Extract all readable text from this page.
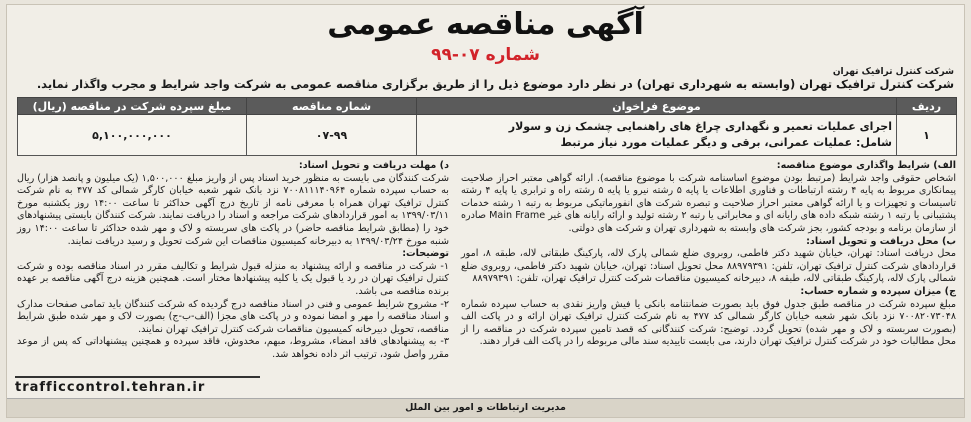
آگهی مناقصه عمومی
شماره ۰۷-۹۹
شرکت کنترل ترافیک تهران
شرکت کنترل ترافیک تهران (وابسته به شهرداری تهران) در نظر دارد موضوع ذیل را از طریق برگزاری مناقصه عمومی به شرکت واجد شرایط و مجرب واگذار نماید.
ردیف	موضوع فراخوان	شماره مناقصه	مبلغ سپرده شرکت در مناقصه (ریال)
۱	اجرای عملیات تعمیر و نگهداری چراغ های راهنمایی چشمک زن و سولار
شامل: عملیات عمرانی، برقی و دیگر عملیات مورد نیاز مرتبط	۰۷-۹۹	۵,۱۰۰,۰۰۰,۰۰۰

الف) شرایط واگذاری موضوع مناقصه:

اشخاص حقوقی واجد شرایط (مرتبط بودن موضوع اساسنامه شرکت با موضوع مناقصه). ارائه گواهی معتبر احراز صلاحیت پیمانکاری مربوط به پایه ۴ رشته ارتباطات و فناوری اطلاعات یا پایه ۵ رشته نیرو یا پایه ۵ رشته راه و ترابری یا پایه ۴ رشته تاسیسات و تجهیزات و یا ارائه گواهی معتبر احراز صلاحیت و تبصره شرکت های انفورماتیکی مربوط به رتبه ۱ رشته خدمات پشتیبانی یا رتبه ۱ رشته شبکه داده های رایانه ای و مخابراتی یا رتبه ۲ رشته تولید و ارائه رایانه های غیر Main Frame صادره از سازمان برنامه و بودجه کشور، بجز شرکت های وابسته به شهرداری تهران و شرکت های دولتی.

ب) محل دریافت و تحویل اسناد:

محل دریافت اسناد: تهران، خیابان شهید دکتر فاطمی، روبروی ضلع شمالی پارک لاله، پارکینگ طبقاتی لاله، طبقه ۸، امور قراردادهای شرکت کنترل ترافیک تهران، تلفن: ۸۸۹۷۹۳۹۱ محل تحویل اسناد: تهران، خیابان شهید دکتر فاطمی، روبروی ضلع شمالی پارک لاله، پارکینگ طبقاتی لاله، طبقه ۸، دبیرخانه کمیسیون مناقصات شرکت کنترل ترافیک تهران، تلفن: ۸۸۹۷۹۳۹۱

ج) میزان سپرده و شماره حساب:

مبلغ سپرده شرکت در مناقصه طبق جدول فوق باید بصورت ضمانتنامه بانکی یا فیش واریز نقدی به حساب سپرده شماره ۷۰۰۸۲۰۷۳۰۴۸ نزد بانک شهر شعبه خیابان کارگر شمالی کد ۴۷۷ به نام شرکت کنترل ترافیک تهران ارائه و در پاکت الف (بصورت سربسته و لاک و مهر شده) تحویل گردد. توضیح: شرکت کنندگانی که قصد تامین سپرده شرکت در مناقصه را از محل مطالبات خود در شرکت کنترل ترافیک تهران دارند، می بایست تاییدیه سند مالی مربوطه را در پاکت الف قرار دهند.

د) مهلت دریافت و تحویل اسناد:

شرکت کنندگان می بایست به منظور خرید اسناد پس از واریز مبلغ ۱,۵۰۰,۰۰۰ (یک میلیون و پانصد هزار) ریال به حساب سپرده شماره ۷۰۰۸۱۱۱۴۰۹۶۴ نزد بانک شهر شعبه خیابان کارگر شمالی کد ۴۷۷ به نام شرکت کنترل ترافیک تهران همراه با معرفی نامه از تاریخ درج آگهی حداکثر تا ساعت ۱۴:۰۰ روز یکشنبه مورخ ۱۳۹۹/۰۳/۱۱ به امور قراردادهای شرکت مراجعه و اسناد را دریافت نمایند. شرکت کنندگان بایستی پیشنهادهای خود را (مطابق شرایط مناقصه حاضر) در پاکت های سربسته و لاک و مهر شده حداکثر تا ساعت ۱۴:۰۰ روز شنبه مورخ ۱۳۹۹/۰۳/۲۴ به دبیرخانه کمیسیون مناقصات این شرکت تحویل و رسید دریافت نمایند.

توضیحات:

۱- شرکت در مناقصه و ارائه پیشنهاد به منزله قبول شرایط و تکالیف مقرر در اسناد مناقصه بوده و شرکت کنترل ترافیک تهران در رد یا قبول یک یا کلیه پیشنهادها مختار است. همچنین هزینه درج آگهی مناقصه بر عهده برنده مناقصه می باشد.

۲- مشروح شرایط عمومی و فنی در اسناد مناقصه درج گردیده که شرکت کنندگان باید تمامی صفحات مدارک و اسناد مناقصه را مهر و امضا نموده و در پاکت های مجزا (الف-ب-ج) بصورت لاک و مهر شده طبق شرایط مناقصه، تحویل دبیرخانه کمیسیون مناقصات شرکت کنترل ترافیک تهران نمایند.

۳- به پیشنهادهای فاقد امضاء، مشروط، مبهم، مخدوش، فاقد سپرده و همچنین پیشنهاداتی که پس از موعد مقرر واصل شود، ترتیب اثر داده نخواهد شد.

trafficcontrol.tehran.ir
مدیریت ارتباطات و امور بین الملل
